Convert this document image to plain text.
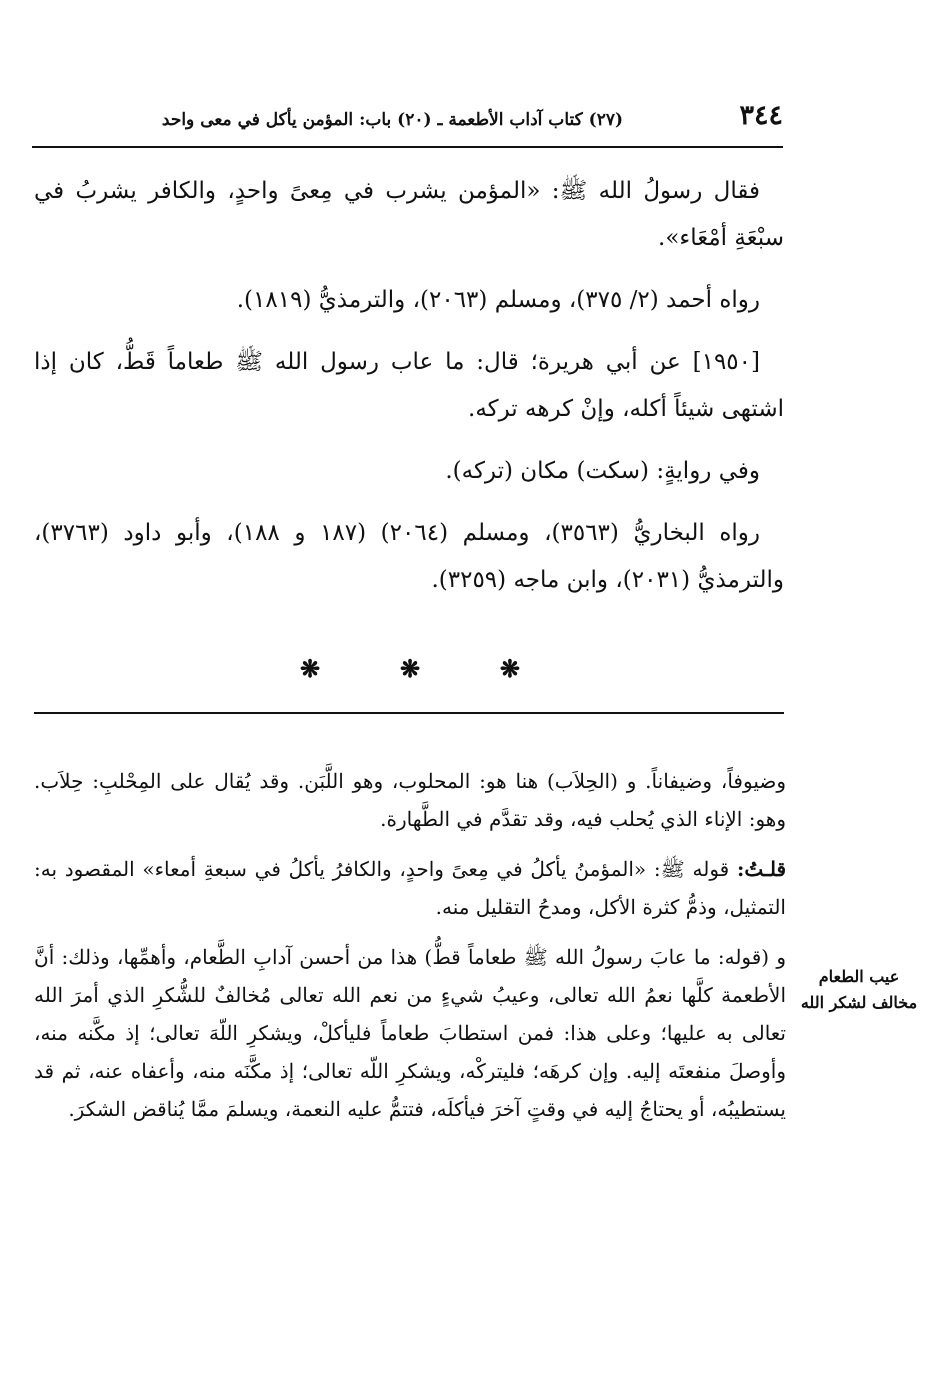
٣٤٤
(٢٧) كتاب آداب الأطعمة ـ (٢٠) باب: المؤمن يأكل في معى واحد

فقال رسولُ الله ﷺ: «المؤمن يشرب في مِعىً واحدٍ، والكافر يشربُ في سبْعَةِ أمْعَاء».

رواه أحمد (٢/ ٣٧٥)، ومسلم (٢٠٦٣)، والترمذيُّ (١٨١٩).

[١٩٥٠] عن أبي هريرة؛ قال: ما عاب رسول الله ﷺ طعاماً قَطُّ، كان إذا اشتهى شيئاً أكله، وإنْ كرهه تركه.

وفي روايةٍ: (سكت) مكان (تركه).

رواه البخاريُّ (٣٥٦٣)، ومسلم (٢٠٦٤) (١٨٧ و ١٨٨)، وأبو داود (٣٧٦٣)، والترمذيُّ (٢٠٣١)، وابن ماجه (٣٢٥٩).

❋	❋	❋

وضيوفاً، وضيفاناً. و (الحِلاَب) هنا هو: المحلوب، وهو اللَّبَن. وقد يُقال على المِحْلبِ: حِلاَب. وهو: الإناء الذي يُحلب فيه، وقد تقدَّم في الطَّهارة.

قلـتُ: قوله ﷺ: «المؤمنُ يأكلُ في مِعىً واحدٍ، والكافرُ يأكلُ في سبعةِ أمعاء» المقصود به: التمثيل، وذمُّ كثرة الأكل، ومدحُ التقليل منه.

و (قوله: ما عابَ رسولُ الله ﷺ طعاماً قطُّ) هذا من أحسن آدابِ الطَّعام، وأهمِّها، وذلك: أنَّ الأطعمة كلَّها نعمُ الله تعالى، وعيبُ شيءٍ من نعم الله تعالى مُخالفٌ للشُّكرِ الذي أمرَ الله تعالى به عليها؛ وعلى هذا: فمن استطابَ طعاماً فليأكلْ، ويشكرِ اللّهَ تعالى؛ إذ مكَّنه منه، وأوصلَ منفعتَه إليه. وإن كرهَه؛ فليتركْه، ويشكرِ اللّه تعالى؛ إذ مكَّنَه منه، وأعفاه عنه، ثم قد يستطيبُه، أو يحتاجُ إليه في وقتٍ آخرَ فيأكلَه، فتتمُّ عليه النعمة، ويسلمَ ممَّا يُناقض الشكرَ.

عيب الطعام مخالف لشكر الله
